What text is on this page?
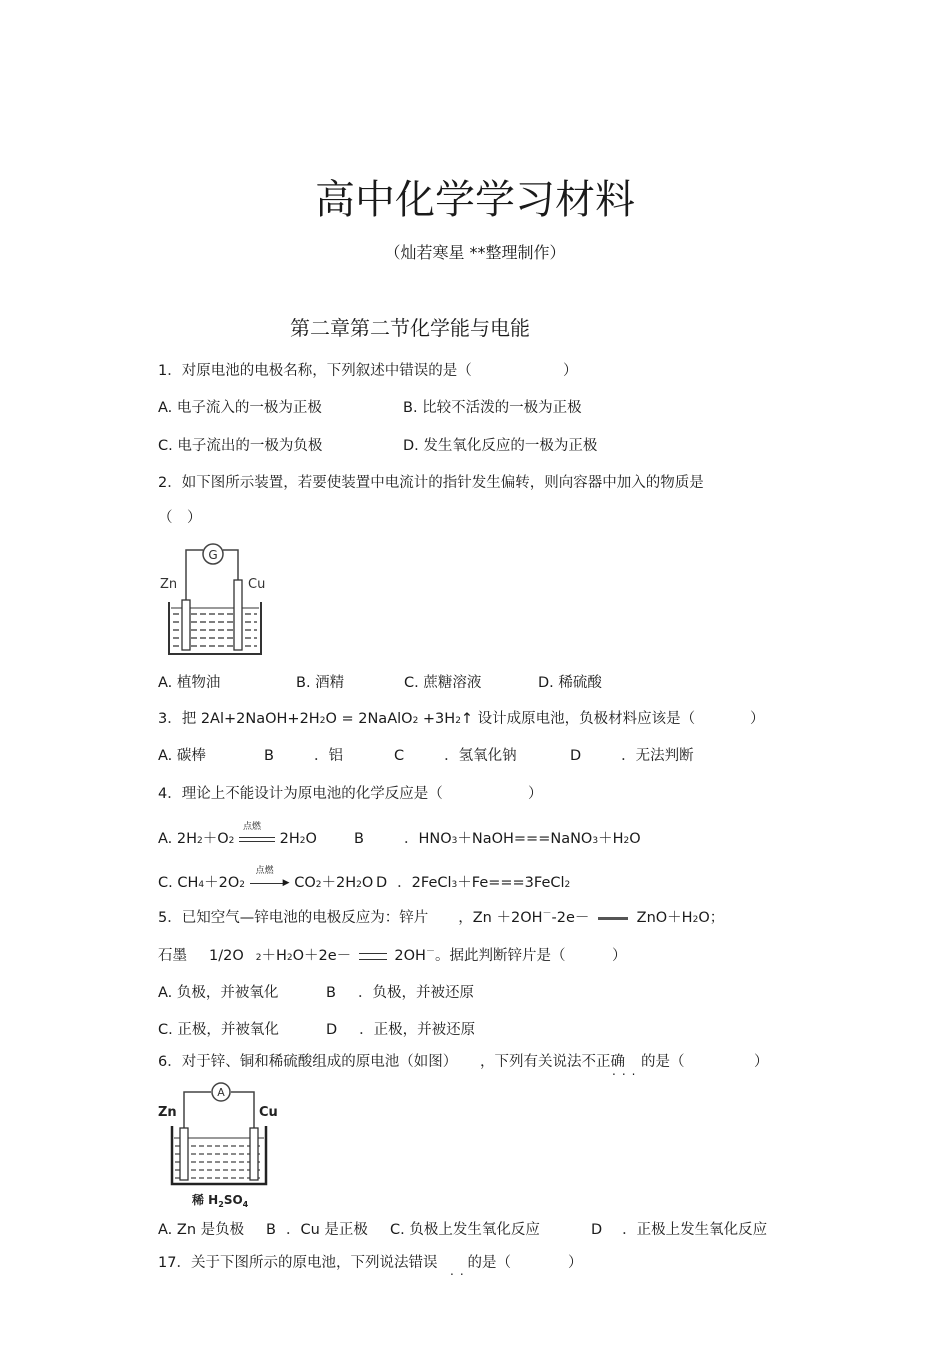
高中化学学习材料
（灿若寒星 **整理制作）
第二章第二节化学能与电能
1．对原电池的电极名称，下列叙述中错误的是（	）
A. 电子流入的一极为正极	B. 比较不活泼的一极为正极
C. 电子流出的一极为负极	D. 发生氧化反应的一极为正极
2．如下图所示装置，若要使装置中电流计的指针发生偏转，则向容器中加入的物质是
（　）
G
Zn	Cu
A. 植物油	B. 酒精	C. 蔗糖溶液	D. 稀硫酸
3．把 2Al+2NaOH+2H2O = 2NaAlO2 +3H2↑ 设计成原电池，负极材料应该是（	）
A. 碳棒	B	．铝	C	．氢氧化钠	D	．无法判断
4．理论上不能设计为原电池的化学反应是（	）
A. 2H2＋O2
点燃
2H2O	B	．HNO3＋NaOH===NaNO3＋H2O
C. CH4＋2O2
点燃
▶ CO2＋2H2O D ．2FeCl3＋Fe===3FeCl2
5．已知空气—锌电池的电极反应为：锌片 ，Zn ＋2OH－-2e－	ZnO＋H2O；
石墨 1/2O 2＋H2O＋2e－	2OH－。据此判断锌片是（	）
A. 负极，并被氧化	B ．负极，并被还原
C. 正极，并被氧化	D ．正极，并被还原
6．对于锌、铜和稀硫酸组成的原电池（如图） ，下列有关说法不正确 的是（
...
）
A
Zn	Cu
稀 $H_2SO_4$
A. Zn 是负极 B ．Cu 是正极 C. 负极上发生氧化反应	D ．正极上发生氧化反应
17．关于下图所示的原电池，下列说法错误 的是（
..	）
